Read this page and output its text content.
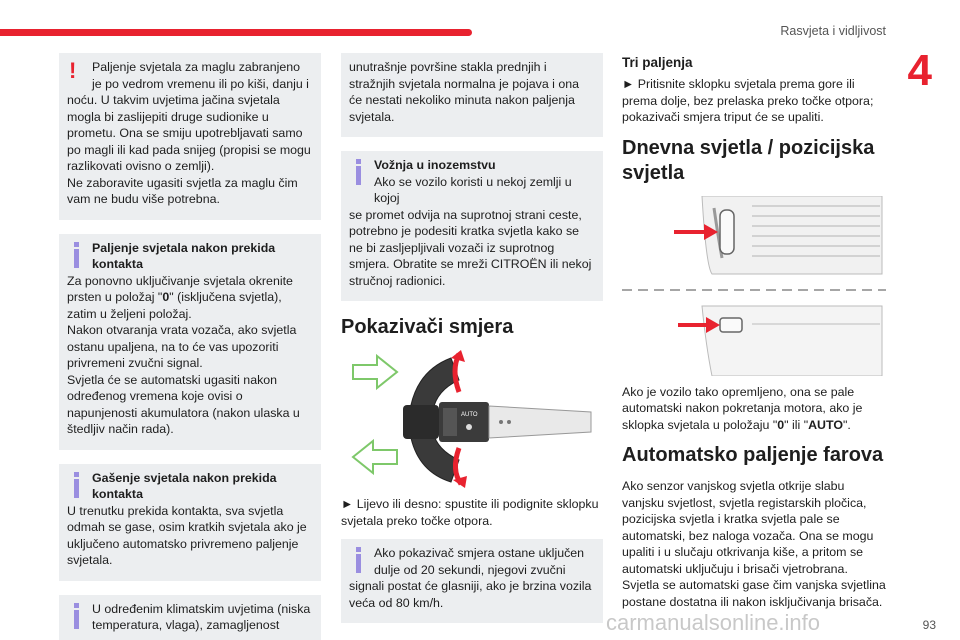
Rasvjeta i vidljivost
4
!	Paljenje svjetala za maglu zabranjeno je po vedrom vremenu ili po kiši, danju i

noću. U takvim uvjetima jačina svjetala mogla bi zaslijepiti druge sudionike u prometu. Ona se smiju upotrebljavati samo po magli ili kad pada snijeg (propisi se mogu razlikovati ovisno o zemlji).

Ne zaboravite ugasiti svjetla za maglu čim vam ne budu više potrebna.

Paljenje svjetala nakon prekida kontakta

Za ponovno uključivanje svjetala okrenite prsten u položaj "0" (isključena svjetla), zatim u željeni položaj.

Nakon otvaranja vrata vozača, ako svjetla ostanu upaljena, na to će vas upozoriti privremeni zvučni signal.

Svjetla će se automatski ugasiti nakon određenog vremena koje ovisi o napunjenosti akumulatora (nakon ulaska u štedljiv način rada).

Gašenje svjetala nakon prekida kontakta

U trenutku prekida kontakta, sva svjetla odmah se gase, osim kratkih svjetala ako je uključeno automatsko privremeno paljenje svjetala.

U određenim klimatskim uvjetima (niska temperatura, vlaga), zamagljenost

unutrašnje površine stakla prednjih i stražnjih svjetala normalna je pojava i ona će nestati nekoliko minuta nakon paljenja svjetala.

Vožnja u inozemstvu

Ako se vozilo koristi u nekoj zemlji u kojoj

se promet odvija na suprotnoj strani ceste, potrebno je podesiti kratka svjetla kako se ne bi zasljepljivali vozači iz suprotnog smjera. Obratite se mreži CITROËN ili nekoj stručnoj radionici.

Pokazivači smjera
AUTO

► Lijevo ili desno: spustite ili podignite sklopku svjetala preko točke otpora.

Ako pokazivač smjera ostane uključen dulje od 20 sekundi, njegovi zvučni

signali postat će glasniji, ako je brzina vozila veća od 80 km/h.

Tri paljenja

► Pritisnite sklopku svjetala prema gore ili prema dolje, bez prelaska preko točke otpora; pokazivači smjera triput će se upaliti.

Dnevna svjetla / pozicijska svjetla

Ako je vozilo tako opremljeno, ona se pale automatski nakon pokretanja motora, ako je sklopka svjetala u položaju "0" ili "AUTO".

Automatsko paljenje farova

Ako senzor vanjskog svjetla otkrije slabu vanjsku svjetlost, svjetla registarskih pločica, pozicijska svjetla i kratka svjetla pale se automatski, bez naloga vozača. Ona se mogu upaliti i u slučaju otkrivanja kiše, a pritom se automatski uključuju i brisači vjetrobrana.

Svjetla se automatski gase čim vanjska svjetlina postane dostatna ili nakon isključivanja brisača.

carmanualsonline.info	93
